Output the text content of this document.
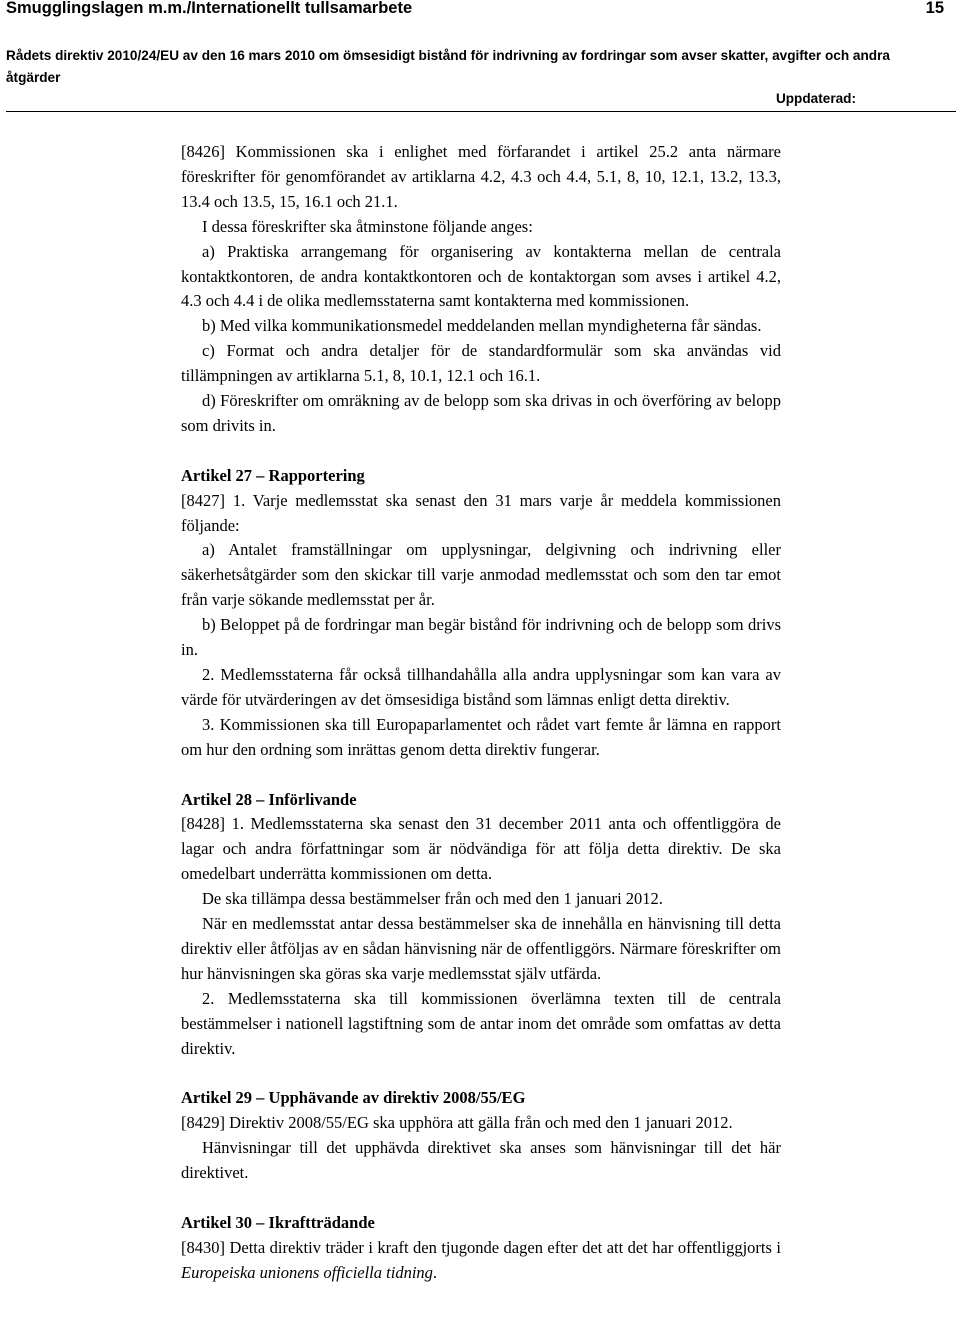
Smugglingslagen m.m./Internationellt tullsamarbete	15
Rådets direktiv 2010/24/EU av den 16 mars 2010 om ömsesidigt bistånd för indrivning av fordringar som avser skatter, avgifter och andra åtgärder
Uppdaterad:

[8426] Kommissionen ska i enlighet med förfarandet i artikel 25.2 anta närmare föreskrifter för genomförandet av artiklarna 4.2, 4.3 och 4.4, 5.1, 8, 10, 12.1, 13.2, 13.3, 13.4 och 13.5, 15, 16.1 och 21.1.

I dessa föreskrifter ska åtminstone följande anges:

a) Praktiska arrangemang för organisering av kontakterna mellan de centrala kontaktkontoren, de andra kontaktkontoren och de kontaktorgan som avses i artikel 4.2, 4.3 och 4.4 i de olika medlemsstaterna samt kontakterna med kommissionen.

b) Med vilka kommunikationsmedel meddelanden mellan myndigheterna får sändas.

c) Format och andra detaljer för de standardformulär som ska användas vid tillämpningen av artiklarna 5.1, 8, 10.1, 12.1 och 16.1.

d) Föreskrifter om omräkning av de belopp som ska drivas in och överföring av belopp som drivits in.

Artikel 27 – Rapportering

[8427] 1. Varje medlemsstat ska senast den 31 mars varje år meddela kommissionen följande:

a) Antalet framställningar om upplysningar, delgivning och indrivning eller säkerhetsåtgärder som den skickar till varje anmodad medlemsstat och som den tar emot från varje sökande medlemsstat per år.

b) Beloppet på de fordringar man begär bistånd för indrivning och de belopp som drivs in.

2. Medlemsstaterna får också tillhandahålla alla andra upplysningar som kan vara av värde för utvärderingen av det ömsesidiga bistånd som lämnas enligt detta direktiv.

3. Kommissionen ska till Europaparlamentet och rådet vart femte år lämna en rapport om hur den ordning som inrättas genom detta direktiv fungerar.

Artikel 28 – Införlivande

[8428] 1. Medlemsstaterna ska senast den 31 december 2011 anta och offentliggöra de lagar och andra författningar som är nödvändiga för att följa detta direktiv. De ska omedelbart underrätta kommissionen om detta.

De ska tillämpa dessa bestämmelser från och med den 1 januari 2012.

När en medlemsstat antar dessa bestämmelser ska de innehålla en hänvisning till detta direktiv eller åtföljas av en sådan hänvisning när de offentliggörs. Närmare föreskrifter om hur hänvisningen ska göras ska varje medlemsstat själv utfärda.

2. Medlemsstaterna ska till kommissionen överlämna texten till de centrala bestämmelser i nationell lagstiftning som de antar inom det område som omfattas av detta direktiv.

Artikel 29 – Upphävande av direktiv 2008/55/EG

[8429] Direktiv 2008/55/EG ska upphöra att gälla från och med den 1 januari 2012.

Hänvisningar till det upphävda direktivet ska anses som hänvisningar till det här direktivet.

Artikel 30 – Ikraftträdande

[8430] Detta direktiv träder i kraft den tjugonde dagen efter det att det har offentliggjorts i Europeiska unionens officiella tidning.
